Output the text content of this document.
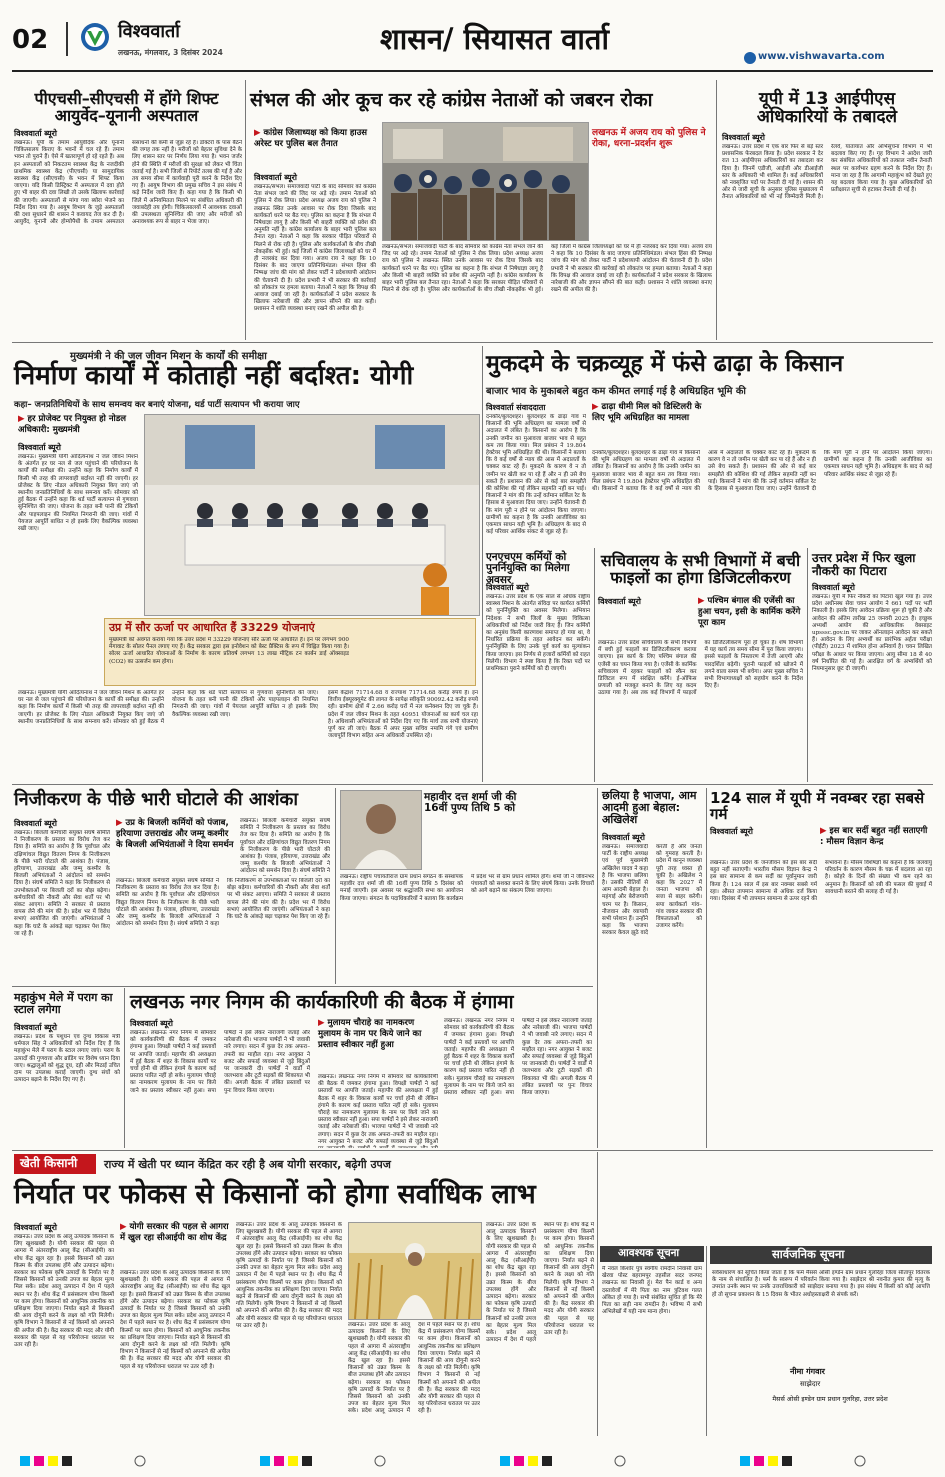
02	विश्ववार्ता
लखनऊ, मंगलवार, 3 दिसंबर 2024	शासन/ सियासत वार्ता
www.vishwavarta.com
पीएचसी–सीएचसी में होंगे शिफ्ट आयुर्वेद–यूनानी अस्पताल
विश्ववार्ता ब्यूरो
लखनऊ। यूपी के तमाम आयुर्वेदिक और यूनानी चिकित्सालय किराए के भवनों में चल रहे हैं। तमाम भवन तो पुराने हैं। ऐसे में खतरापूर्ण हो रहे रहते हैं। अब इन अस्पतालों को निकटतम स्वास्थ्य केंद्र के नजदीकी प्राथमिक स्वास्थ्य केंद्र (पीएचसी) या सामुदायिक स्वास्थ्य केंद्र (सीएचसी) के भवन में शिफ्ट किया जाएगा। यदि किसी डिस्ट्रिक्ट में अस्पताल में दवा होते हुए भी बाहर की दवा लिखी तो उसके खिलाफ कार्रवाई की जाएगी। अस्पतालों से मांगा गया ब्योरा भेजने का निर्देश दिया गया है। आयुष विभाग के जुड़े अस्पतालों की दशा सुधारने की शासन ने कवायद तेज कर दी है। आयुर्वेद, यूनानी और होम्योपैथी के तमाम अस्पताल संसाधनों की कमी से जूझ रहे हैं। डॉक्टरों के पास बैठने की जगह तक नहीं है। मरीजों को बेहतर सुविधा देने के लिए शासन स्तर पर निर्णय लिया गया है। भवन जर्जर होने की स्थिति में मरीजों की सुरक्षा को लेकर भी चिंता जताई गई है। सभी जिलों से रिपोर्ट तलब की गई है और तय समय सीमा में कार्यवाही पूरी करने के निर्देश दिए गए हैं। आयुष विभाग की प्रमुख सचिव ने इस संबंध में कड़े निर्देश जारी किए हैं। कहा गया है कि किसी भी जिले में अनियमितता मिलने पर संबंधित अधिकारी की जवाबदेही तय होगी। चिकित्सालयों में आवश्यक दवाओं की उपलब्धता सुनिश्चित की जाए और मरीजों को अनावश्यक रूप से बाहर न भेजा जाए।
संभल की ओर कूच कर रहे कांग्रेस नेताओं को जबरन रोका
▶ कांग्रेस जिलाध्यक्ष को किया हाउस अरेस्ट घर पुलिस बल तैनात
विश्ववार्ता ब्यूरो
लखनऊ में अजय राय को पुलिस ने रोका, धरना–प्रदर्शन शुरू
लखनऊ/संभल। समाजवादी पार्टी के बाद सोमवार को कांग्रेस नेता संभल जाने की जिद पर अड़े रहे। तमाम नेताओं को पुलिस ने रोक लिया। प्रदेश अध्यक्ष अजय राय को पुलिस ने लखनऊ स्थित उनके आवास पर रोक दिया जिसके बाद कार्यकर्ता धरने पर बैठ गए। पुलिस का कहना है कि संभल में निषेधाज्ञा लागू है और किसी भी बाहरी व्यक्ति को प्रवेश की अनुमति नहीं है। कांग्रेस कार्यालय के बाहर भारी पुलिस बल तैनात रहा। नेताओं ने कहा कि सरकार पीड़ित परिवारों से मिलने से रोक रही है। पुलिस और कार्यकर्ताओं के बीच तीखी नोकझोंक भी हुई। कई जिलों में कांग्रेस जिलाध्यक्षों को घर में ही नजरबंद कर दिया गया। अजय राय ने कहा कि 10 दिसंबर के बाद जाएगा प्रतिनिधिमंडल। संभल हिंसा की निष्पक्ष जांच की मांग को लेकर पार्टी ने प्रदेशव्यापी आंदोलन की चेतावनी दी है। प्रदेश प्रभारी ने भी सरकार की कार्रवाई को लोकतंत्र पर हमला बताया। नेताओं ने कहा कि विपक्ष की आवाज दबाई जा रही है। कार्यकर्ताओं ने प्रदेश सरकार के खिलाफ नारेबाजी की और ज्ञापन सौंपने की बात कही। प्रशासन ने शांति व्यवस्था बनाए रखने की अपील की है।
लखनऊ/संभल। समाजवादी पार्टी के बाद सोमवार को कांग्रेस नेता संभल जाने की जिद पर अड़े रहे। तमाम नेताओं को पुलिस ने रोक लिया। प्रदेश अध्यक्ष अजय राय को पुलिस ने लखनऊ स्थित उनके आवास पर रोक दिया जिसके बाद कार्यकर्ता धरने पर बैठ गए। पुलिस का कहना है कि संभल में निषेधाज्ञा लागू है और किसी भी बाहरी व्यक्ति को प्रवेश की अनुमति नहीं है। कांग्रेस कार्यालय के बाहर भारी पुलिस बल तैनात रहा। नेताओं ने कहा कि सरकार पीड़ित परिवारों से मिलने से रोक रही है। पुलिस और कार्यकर्ताओं के बीच तीखी नोकझोंक भी हुई। कई जिलों में कांग्रेस जिलाध्यक्षों को घर में ही नजरबंद कर दिया गया। अजय राय ने कहा कि 10 दिसंबर के बाद जाएगा प्रतिनिधिमंडल। संभल हिंसा की निष्पक्ष जांच की मांग को लेकर पार्टी ने प्रदेशव्यापी आंदोलन की चेतावनी दी है। प्रदेश प्रभारी ने भी सरकार की कार्रवाई को लोकतंत्र पर हमला बताया। नेताओं ने कहा कि विपक्ष की आवाज दबाई जा रही है। कार्यकर्ताओं ने प्रदेश सरकार के खिलाफ नारेबाजी की और ज्ञापन सौंपने की बात कही। प्रशासन ने शांति व्यवस्था बनाए रखने की अपील की है।
यूपी में 13 आईपीएस अधिकारियों के तबादले
विश्ववार्ता ब्यूरो
लखनऊ। उत्तर प्रदेश में एक बार फिर से बड़े स्तर प्रशासनिक फेरबदल किया है। प्रदेश सरकार ने देर रात 13 आईपीएस अधिकारियों का तबादला कर दिया है। जिनमें एडीजी, आईजी और डीआईजी स्तर के अधिकारी भी शामिल हैं। कई अधिकारियों को नवसृजित पदों पर तैनाती दी गई है। शासन की ओर से जारी सूची के अनुसार पुलिस मुख्यालय में तैनात अधिकारियों को भी नई जिम्मेदारी मिली है। रेलवे, यातायात और अभिसूचना विभाग में भी बदलाव किए गए हैं। गृह विभाग ने आदेश जारी कर संबंधित अधिकारियों को तत्काल नवीन तैनाती स्थल पर कार्यभार ग्रहण करने के निर्देश दिए हैं। माना जा रहा है कि आगामी महाकुंभ को देखते हुए यह बदलाव किया गया है। कुछ अधिकारियों को प्रतीक्षारत सूची से हटाकर तैनाती दी गई है।
मुख्यमंत्री ने की जल जीवन मिशन के कार्यों की समीक्षा
निर्माण कार्यों में कोताही नहीं बर्दाश्त: योगी
कहा– जनप्रतिनिधियों के साथ समन्वय कर बनाएं योजना, थर्ड पार्टी सत्यापन भी कराया जाए
▶ हर प्रोजेक्ट पर नियुक्त हो नोडल अधिकारी: मुख्यमंत्री
विश्ववार्ता ब्यूरो
लखनऊ। मुख्यमंत्री योगी आदित्यनाथ ने जल जीवन मिशन के अंतर्गत हर घर नल से जल पहुंचाने की परियोजना के कार्यों की समीक्षा की। उन्होंने कहा कि निर्माण कार्यों में किसी भी तरह की लापरवाही बर्दाश्त नहीं की जाएगी। हर प्रोजेक्ट के लिए नोडल अधिकारी नियुक्त किए जाएं जो स्थानीय जनप्रतिनिधियों के साथ समन्वय करें। सोमवार को हुई बैठक में उन्होंने कहा कि थर्ड पार्टी सत्यापन से गुणवत्ता सुनिश्चित की जाए। योजना के तहत बनी पानी की टंकियों और पाइपलाइन की नियमित निगरानी की जाए। गांवों में पेयजल आपूर्ति बाधित न हो इसके लिए वैकल्पिक व्यवस्था रखी जाए।
उप्र में सौर ऊर्जा पर आधारित हैं 33229 योजनाएं
मुख्यमंत्री को अवगत कराया गया कि उत्तर प्रदेश में 33229 योजनाएं सौर ऊर्जा पर आधारित हैं। इन पर लगभग 900 मेगावाट के सोलर पैनल लगाए गए हैं। केंद्र सरकार द्वारा इस इनोवेशन को बेस्ट प्रैक्टिस के रूप में चिह्नित किया गया है। सोलर ऊर्जा आधारित योजनाओं के निर्माण के कारण प्रतिवर्ष लगभग 13 लाख मीट्रिक टन कार्बन डाई ऑक्साइड (CO2) का उत्सर्जन कम होगा।
लखनऊ। मुख्यमंत्री योगी आदित्यनाथ ने जल जीवन मिशन के अंतर्गत हर घर नल से जल पहुंचाने की परियोजना के कार्यों की समीक्षा की। उन्होंने कहा कि निर्माण कार्यों में किसी भी तरह की लापरवाही बर्दाश्त नहीं की जाएगी। हर प्रोजेक्ट के लिए नोडल अधिकारी नियुक्त किए जाएं जो स्थानीय जनप्रतिनिधियों के साथ समन्वय करें। सोमवार को हुई बैठक में उन्होंने कहा कि थर्ड पार्टी सत्यापन से गुणवत्ता सुनिश्चित की जाए। योजना के तहत बनी पानी की टंकियों और पाइपलाइन की नियमित निगरानी की जाए। गांवों में पेयजल आपूर्ति बाधित न हो इसके लिए वैकल्पिक व्यवस्था रखी जाए।
इसमें केंद्रांश 71714.68 व राज्यांश 71714.68 करोड़ रुपये है। इन वित्तीय ईक्यूरक्यूमेट की लागत के सापेक्ष स्वीकृति 90092.42 करोड़ रुपये रही। ग्रामीण क्षेत्रों में 2.66 करोड़ घरों में नल कनेक्शन दिए जा चुके हैं। प्रदेश में जल जीवन मिशन के तहत 40951 योजनाओं का कार्य चल रहा है। अधिशासी अभियंताओं को निर्देश दिए गए कि मार्च तक सभी योजनाएं पूर्ण कर ली जाएं। बैठक में अपर मुख्य सचिव नमामि गंगे एवं ग्रामीण जलापूर्ति विभाग सहित अन्य अधिकारी उपस्थित रहे।
मुकदमे के चक्रव्यूह में फंसे ढाढ़ा के किसान
बाजार भाव के मुकाबले बहुत कम कीमत लगाई गई है अधिग्रहित भूमि की
विश्ववार्ता संवाददाता	▶ ढाढ़ा धीमी मिल को डिस्टिलरी के लिए भूमि अधिग्रहित का मामला
दनकौर/बुलंदशहर। बुलंदशहर के ढाढ़ा गांव में किसानों की भूमि अधिग्रहण का मामला वर्षों से अदालत में लंबित है। किसानों का आरोप है कि उनकी जमीन का मुआवजा बाजार भाव से बहुत कम तय किया गया। मिल प्रबंधन ने 19.804 हेक्टेयर भूमि अधिग्रहित की थी। किसानों ने बताया कि वे कई वर्षों से न्याय की आस में अदालतों के चक्कर काट रहे हैं। मुकदमे के कारण वे न तो जमीन पर खेती कर पा रहे हैं और न ही उसे बेच सकते हैं। प्रशासन की ओर से कई बार समझौते की कोशिश की गई लेकिन सहमति नहीं बन पाई। किसानों ने मांग की कि उन्हें वर्तमान सर्किल रेट के हिसाब से मुआवजा दिया जाए। उन्होंने चेतावनी दी कि मांग पूरी न होने पर आंदोलन किया जाएगा। ग्रामीणों का कहना है कि उनकी आजीविका का एकमात्र साधन यही भूमि है। अधिग्रहण के बाद से कई परिवार आर्थिक संकट से जूझ रहे हैं।
दनकौर/बुलंदशहर। बुलंदशहर के ढाढ़ा गांव में किसानों की भूमि अधिग्रहण का मामला वर्षों से अदालत में लंबित है। किसानों का आरोप है कि उनकी जमीन का मुआवजा बाजार भाव से बहुत कम तय किया गया। मिल प्रबंधन ने 19.804 हेक्टेयर भूमि अधिग्रहित की थी। किसानों ने बताया कि वे कई वर्षों से न्याय की आस में अदालतों के चक्कर काट रहे हैं। मुकदमे के कारण वे न तो जमीन पर खेती कर पा रहे हैं और न ही उसे बेच सकते हैं। प्रशासन की ओर से कई बार समझौते की कोशिश की गई लेकिन सहमति नहीं बन पाई। किसानों ने मांग की कि उन्हें वर्तमान सर्किल रेट के हिसाब से मुआवजा दिया जाए। उन्होंने चेतावनी दी कि मांग पूरी न होने पर आंदोलन किया जाएगा। ग्रामीणों का कहना है कि उनकी आजीविका का एकमात्र साधन यही भूमि है। अधिग्रहण के बाद से कई परिवार आर्थिक संकट से जूझ रहे हैं।
एनएचएम कर्मियों को पुनर्नियुक्ति का मिलेगा अवसर
विश्ववार्ता ब्यूरो
लखनऊ। उत्तर प्रदेश के एक साल से अधिक राष्ट्रीय स्वास्थ्य मिशन के अंतर्गत संविदा पर कार्यरत कर्मियों को पुनर्नियुक्ति का अवसर मिलेगा। अभियान निदेशक ने सभी जिलों के मुख्य चिकित्सा अधिकारियों को निर्देश जारी किए हैं। जिन कर्मियों का अनुबंध किसी कारणवश समाप्त हो गया था, वे निर्धारित प्रक्रिया के तहत आवेदन कर सकेंगे। पुनर्नियुक्ति के लिए उनके पूर्व कार्य का मूल्यांकन किया जाएगा। इस निर्णय से हजारों कर्मियों को राहत मिलेगी। विभाग ने स्पष्ट किया है कि रिक्त पदों पर प्राथमिकता पुराने कर्मियों को दी जाएगी।
सचिवालय के सभी विभागों में बची फाइलों का होगा डिजिटलीकरण
विश्ववार्ता ब्यूरो	▶ पश्चिम बंगाल की एजेंसी का हुआ चयन, इसी के कार्मिक करेंगे पूरा काम
लखनऊ। उत्तर प्रदेश सचिवालय के सभी विभागों में बची हुई फाइलों का डिजिटलीकरण कराया जाएगा। इस कार्य के लिए पश्चिम बंगाल की एजेंसी का चयन किया गया है। एजेंसी के कार्मिक सचिवालय में रहकर फाइलों को स्कैन कर डिजिटल रूप में संरक्षित करेंगे। ई-ऑफिस प्रणाली को मजबूत बनाने के लिए यह कदम उठाया गया है। अब तक कई विभागों में फाइलों का डिजिटलीकरण पूरा हो चुका है। शेष विभागों में यह कार्य तय समय सीमा में पूरा किया जाएगा। इससे फाइलों के निस्तारण में तेजी आएगी और पारदर्शिता बढ़ेगी। पुरानी फाइलों को खोजने में लगने वाला समय भी बचेगा। अपर मुख्य सचिव ने सभी विभागाध्यक्षों को सहयोग करने के निर्देश दिए हैं।
उत्तर प्रदेश में फिर खुला नौकरी का पिटारा
विश्ववार्ता ब्यूरो
लखनऊ। यूपी में फिर नौकरी का पिटारा खुल गया है। उत्तर प्रदेश अधीनस्थ सेवा चयन आयोग ने 661 पदों पर भर्ती निकाली है। इसके लिए आवेदन प्रक्रिया शुरू हो चुकी है और आवेदन की अंतिम तारीख 25 जनवरी 2025 है। इच्छुक अभ्यर्थी आयोग की आधिकारिक वेबसाइट upsssc.gov.in पर जाकर ऑनलाइन आवेदन कर सकते हैं। आवेदन के लिए अभ्यर्थी का प्रारंभिक अर्हता परीक्षा (पीईटी) 2023 में शामिल होना अनिवार्य है। चयन लिखित परीक्षा के आधार पर किया जाएगा। आयु सीमा 18 से 40 वर्ष निर्धारित की गई है। आरक्षित वर्ग के अभ्यर्थियों को नियमानुसार छूट दी जाएगी।
निजीकरण के पीछे भारी घोटाले की आशंका
विश्ववार्ता ब्यूरो
लखनऊ। बिजली कर्मचारी संयुक्त संघर्ष समिति ने निजीकरण के प्रस्ताव का विरोध तेज कर दिया है। समिति का आरोप है कि पूर्वांचल और दक्षिणांचल विद्युत वितरण निगम के निजीकरण के पीछे भारी घोटाले की आशंका है। पंजाब, हरियाणा, उत्तराखंड और जम्मू कश्मीर के बिजली अभियंताओं ने आंदोलन को समर्थन दिया है। संघर्ष समिति ने कहा कि निजीकरण से उपभोक्ताओं पर बिजली दरों का बोझ बढ़ेगा। कर्मचारियों की नौकरी और सेवा शर्तों पर भी संकट आएगा। समिति ने सरकार से प्रस्ताव वापस लेने की मांग की है। प्रदेश भर में विरोध सभाएं आयोजित की जाएंगी। अभियंताओं ने कहा कि घाटे के आंकड़े बढ़ा चढ़ाकर पेश किए जा रहे हैं।
▶ उप्र के बिजली कर्मियों को पंजाब, हरियाणा उत्तराखंड और जम्मू कश्मीर के बिजली अभियंताओं ने दिया समर्थन
लखनऊ। बिजली कर्मचारी संयुक्त संघर्ष समिति ने निजीकरण के प्रस्ताव का विरोध तेज कर दिया है। समिति का आरोप है कि पूर्वांचल और दक्षिणांचल विद्युत वितरण निगम के निजीकरण के पीछे भारी घोटाले की आशंका है। पंजाब, हरियाणा, उत्तराखंड और जम्मू कश्मीर के बिजली अभियंताओं ने आंदोलन को समर्थन दिया है। संघर्ष समिति ने कहा कि निजीकरण से उपभोक्ताओं पर बिजली दरों का बोझ बढ़ेगा। कर्मचारियों की नौकरी और सेवा शर्तों पर भी संकट आएगा। समिति ने सरकार से प्रस्ताव वापस लेने की मांग की है। प्रदेश भर में विरोध सभाएं आयोजित की जाएंगी। अभियंताओं ने कहा कि घाटे के आंकड़े बढ़ा चढ़ाकर पेश किए जा रहे हैं।
लखनऊ। बिजली कर्मचारी संयुक्त संघर्ष समिति ने निजीकरण के प्रस्ताव का विरोध तेज कर दिया है। समिति का आरोप है कि पूर्वांचल और दक्षिणांचल विद्युत वितरण निगम के निजीकरण के पीछे भारी घोटाले की आशंका है। पंजाब, हरियाणा, उत्तराखंड और जम्मू कश्मीर के बिजली अभियंताओं ने आंदोलन को समर्थन दिया है। संघर्ष समिति ने
महावीर दत्त शर्मा जी की 16वीं पुण्य तिथि 5 को
लखनऊ। राष्ट्रीय पंचायतीराज ग्राम प्रधान संगठन के संस्थापक महावीर दत्त शर्मा जी की 16वीं पुण्य तिथि 5 दिसंबर को मनाई जाएगी। इस अवसर पर श्रद्धांजलि सभा का आयोजन किया जाएगा। संगठन के पदाधिकारियों ने बताया कि कार्यक्रम में प्रदेश भर से ग्राम प्रधान शामिल होंगे। शर्मा जी ने जीवनभर पंचायतों को सशक्त बनाने के लिए संघर्ष किया। उनके विचारों को आगे बढ़ाने का संकल्प लिया जाएगा।
महाकुंभ मेले में पराग का स्टाल लगेगा
विश्ववार्ता ब्यूरो
लखनऊ। प्रदेश के पशुधन एवं दुग्ध विकास मंत्री धर्मपाल सिंह ने अधिकारियों को निर्देश दिए हैं कि महाकुंभ मेले में पराग के स्टाल लगाए जाएं। पराग के उत्पादों की गुणवत्ता और ब्रांडिंग पर विशेष ध्यान दिया जाए। श्रद्धालुओं को शुद्ध दूध, दही और मिठाई उचित दाम पर उपलब्ध कराई जाएगी। दुग्ध संघों को उत्पादन बढ़ाने के निर्देश दिए गए हैं।
लखनऊ नगर निगम की कार्यकारिणी की बैठक में हंगामा
विश्ववार्ता ब्यूरो
लखनऊ। लखनऊ नगर निगम में सोमवार को कार्यकारिणी की बैठक में जमकर हंगामा हुआ। विपक्षी पार्षदों ने कई प्रस्तावों पर आपत्ति जताई। महापौर की अध्यक्षता में हुई बैठक में शहर के विकास कार्यों पर चर्चा होनी थी लेकिन हंगामे के कारण कई प्रस्ताव पारित नहीं हो सके। मुलायम चौराहे का नामकरण मुलायम के नाम पर किये जाने का प्रस्ताव स्वीकार नहीं हुआ। सपा पार्षदों ने इसे लेकर नाराजगी जताई और नारेबाजी की। भाजपा पार्षदों ने भी जवाबी नारे लगाए। सदन में कुछ देर तक अफरा–तफरी का माहौल रहा। नगर आयुक्त ने बजट और सफाई व्यवस्था से जुड़े बिंदुओं पर जानकारी दी। पार्षदों ने वार्डों में जलभराव और टूटी सड़कों की शिकायत भी की। अगली बैठक में लंबित प्रस्तावों पर पुनः विचार किया जाएगा।
▶ मुलायम चौराहे का नामकरण मुलायम के नाम पर किये जाने का प्रस्ताव स्वीकार नहीं हुआ
लखनऊ। लखनऊ नगर निगम में सोमवार को कार्यकारिणी की बैठक में जमकर हंगामा हुआ। विपक्षी पार्षदों ने कई प्रस्तावों पर आपत्ति जताई। महापौर की अध्यक्षता में हुई बैठक में शहर के विकास कार्यों पर चर्चा होनी थी लेकिन हंगामे के कारण कई प्रस्ताव पारित नहीं हो सके। मुलायम चौराहे का नामकरण मुलायम के नाम पर किये जाने का प्रस्ताव स्वीकार नहीं हुआ। सपा पार्षदों ने इसे लेकर नाराजगी जताई और नारेबाजी की। भाजपा पार्षदों ने भी जवाबी नारे लगाए। सदन में कुछ देर तक अफरा–तफरी का माहौल रहा। नगर आयुक्त ने बजट और सफाई व्यवस्था से जुड़े बिंदुओं
लखनऊ। लखनऊ नगर निगम में सोमवार को कार्यकारिणी की बैठक में जमकर हंगामा हुआ। विपक्षी पार्षदों ने कई प्रस्तावों पर आपत्ति जताई। महापौर की अध्यक्षता में हुई बैठक में शहर के विकास कार्यों पर चर्चा होनी थी लेकिन हंगामे के कारण कई प्रस्ताव पारित नहीं हो सके। मुलायम चौराहे का नामकरण मुलायम के नाम पर किये जाने का प्रस्ताव स्वीकार नहीं हुआ। सपा पार्षदों ने इसे लेकर नाराजगी जताई और नारेबाजी की। भाजपा पार्षदों ने भी जवाबी नारे लगाए। सदन में कुछ देर तक अफरा–तफरी का माहौल रहा। नगर आयुक्त ने बजट और सफाई व्यवस्था से जुड़े बिंदुओं पर जानकारी दी। पार्षदों ने वार्डों में जलभराव और टूटी सड़कों की शिकायत भी की। अगली बैठक में लंबित प्रस्तावों पर पुनः विचार किया जाएगा।
छलिया है भाजपा, आम आदमी हुआ बेहाल: अखिलेश
विश्ववार्ता ब्यूरो
लखनऊ। समाजवादी पार्टी के राष्ट्रीय अध्यक्ष एवं पूर्व मुख्यमंत्री अखिलेश यादव ने कहा है कि भाजपा छलिया है। उसकी नीतियों से आम आदमी बेहाल है। महंगाई और बेरोजगारी चरम पर है। किसान, नौजवान और व्यापारी सभी परेशान हैं। उन्होंने कहा कि भाजपा सरकार केवल झूठे वादे करती है और जनता को गुमराह करती है। प्रदेश में कानून व्यवस्था पूरी तरह ध्वस्त हो चुकी है। अखिलेश ने कहा कि 2027 में जनता भाजपा को सत्ता से बाहर करेगी। सपा कार्यकर्ता गांव–गांव जाकर सरकार की विफलताओं को उजागर करेंगे।
124 साल में यूपी में नवम्बर रहा सबसे गर्म
विश्ववार्ता ब्यूरो	▶ इस बार सर्दी बहुत नहीं सताएगी : मौसम विज्ञान केन्द्र
लखनऊ। उत्तर प्रदेश के जनजीवन को इस बार सर्दी बहुत नहीं सताएगी। भारतीय मौसम विज्ञान केन्द्र ने इस बार सामान्य से कम सर्दी का पूर्वानुमान जारी किया है। 124 साल में इस बार नवम्बर सबसे गर्म रहा। औसत तापमान सामान्य से अधिक दर्ज किया गया। दिसंबर में भी तापमान सामान्य से ऊपर रहने की संभावना है। मौसम विशेषज्ञों का कहना है कि जलवायु परिवर्तन के कारण मौसम के चक्र में बदलाव आ रहा है। कोहरे के दिनों की संख्या भी कम रहने का अनुमान है। किसानों को रबी की फसल की बुवाई में सावधानी बरतने की सलाह दी गई है।
खेती किसानी राज्य में खेती पर ध्यान केंद्रित कर रही है अब योगी सरकार, बढ़ेगी उपज
निर्यात पर फोकस से किसानों को होगा सर्वाधिक लाभ
विश्ववार्ता ब्यूरो
लखनऊ। उत्तर प्रदेश के आलू उत्पादक किसानों के लिए खुशखबरी है। योगी सरकार की पहल से आगरा में अंतरराष्ट्रीय आलू केंद्र (सीआईपी) का शोध केंद्र खुल रहा है। इससे किसानों को उन्नत किस्म के बीज उपलब्ध होंगे और उत्पादन बढ़ेगा। सरकार का फोकस कृषि उत्पादों के निर्यात पर है जिससे किसानों को उनकी उपज का बेहतर मूल्य मिल सके। प्रदेश आलू उत्पादन में देश में पहले स्थान पर है। शोध केंद्र में प्रसंस्करण योग्य किस्मों पर काम होगा। किसानों को आधुनिक तकनीक का प्रशिक्षण दिया जाएगा। निर्यात बढ़ने से किसानों की आय दोगुनी करने के लक्ष्य को गति मिलेगी। कृषि विभाग ने किसानों से नई किस्मों को अपनाने की अपील की है। केंद्र सरकार की मदद और योगी सरकार की पहल से यह परियोजना धरातल पर उतर रही है।
▶ योगी सरकार की पहल से आगरा में खुल रहा सीआईपी का शोध केंद्र
लखनऊ। उत्तर प्रदेश के आलू उत्पादक किसानों के लिए खुशखबरी है। योगी सरकार की पहल से आगरा में अंतरराष्ट्रीय आलू केंद्र (सीआईपी) का शोध केंद्र खुल रहा है। इससे किसानों को उन्नत किस्म के बीज उपलब्ध होंगे और उत्पादन बढ़ेगा। सरकार का फोकस कृषि उत्पादों के निर्यात पर है जिससे किसानों को उनकी उपज का बेहतर मूल्य मिल सके। प्रदेश आलू उत्पादन में देश में पहले स्थान पर है। शोध केंद्र में प्रसंस्करण योग्य किस्मों पर काम होगा। किसानों को आधुनिक तकनीक का प्रशिक्षण दिया जाएगा। निर्यात बढ़ने से किसानों की आय दोगुनी करने के लक्ष्य को गति मिलेगी। कृषि विभाग ने किसानों से नई किस्मों को अपनाने की अपील की है। केंद्र सरकार की मदद और योगी सरकार की पहल से यह परियोजना धरातल पर उतर रही है।
लखनऊ। उत्तर प्रदेश के आलू उत्पादक किसानों के लिए खुशखबरी है। योगी सरकार की पहल से आगरा में अंतरराष्ट्रीय आलू केंद्र (सीआईपी) का शोध केंद्र खुल रहा है। इससे किसानों को उन्नत किस्म के बीज उपलब्ध होंगे और उत्पादन बढ़ेगा। सरकार का फोकस कृषि उत्पादों के निर्यात पर है जिससे किसानों को उनकी उपज का बेहतर मूल्य मिल सके। प्रदेश आलू उत्पादन में देश में पहले स्थान पर है। शोध केंद्र में प्रसंस्करण योग्य किस्मों पर काम होगा। किसानों को आधुनिक तकनीक का प्रशिक्षण दिया जाएगा। निर्यात बढ़ने से किसानों की आय दोगुनी करने के लक्ष्य को गति मिलेगी। कृषि विभाग ने किसानों से नई किस्मों को अपनाने की अपील की है। केंद्र सरकार की मदद और योगी सरकार की पहल से यह परियोजना धरातल पर उतर रही है।
लखनऊ। उत्तर प्रदेश के आलू उत्पादक किसानों के लिए खुशखबरी है। योगी सरकार की पहल से आगरा में अंतरराष्ट्रीय आलू केंद्र (सीआईपी) का शोध केंद्र खुल रहा है। इससे किसानों को उन्नत किस्म के बीज उपलब्ध होंगे और उत्पादन बढ़ेगा। सरकार का फोकस कृषि उत्पादों के निर्यात पर है जिससे किसानों को उनकी उपज का बेहतर मूल्य मिल सके। प्रदेश आलू उत्पादन में देश में पहले स्थान पर है। शोध केंद्र में प्रसंस्करण योग्य किस्मों पर काम होगा। किसानों को आधुनिक तकनीक का प्रशिक्षण दिया जाएगा। निर्यात बढ़ने से किसानों की आय दोगुनी करने के लक्ष्य को गति मिलेगी। कृषि विभाग ने किसानों से नई किस्मों को अपनाने की अपील की है। केंद्र सरकार की मदद और योगी सरकार की पहल से यह परियोजना धरातल पर उतर रही है।
लखनऊ। उत्तर प्रदेश के आलू उत्पादक किसानों के लिए खुशखबरी है। योगी सरकार की पहल से आगरा में अंतरराष्ट्रीय आलू केंद्र (सीआईपी) का शोध केंद्र खुल रहा है। इससे किसानों को उन्नत किस्म के बीज उपलब्ध होंगे और उत्पादन बढ़ेगा। सरकार का फोकस कृषि उत्पादों के निर्यात पर है जिससे किसानों को उनकी उपज का बेहतर मूल्य मिल सके। प्रदेश आलू उत्पादन में देश में पहले स्थान पर है। शोध केंद्र में प्रसंस्करण योग्य किस्मों पर काम होगा। किसानों को आधुनिक तकनीक का प्रशिक्षण दिया जाएगा। निर्यात बढ़ने से किसानों की आय दोगुनी करने के लक्ष्य को गति मिलेगी। कृषि विभाग ने किसानों से नई किस्मों को अपनाने की अपील की है। केंद्र सरकार की मदद और योगी सरकार की पहल से यह परियोजना धरातल पर उतर रही है।
आवश्यक सूचना
मैं नवल किशोर पुत्र स्वर्गीय रामदीन निवासी ग्राम खेरवा पोस्ट बहरामपुर तहसील सदर जनपद लखनऊ का निवासी हूं। मेरा पैन कार्ड व अन्य दस्तावेजों में मेरे पिता का नाम त्रुटिवश गलत अंकित हो गया है। सभी संबंधित सूचित हों कि मेरे पिता का सही नाम रामदीन है। भविष्य में सभी अभिलेखों में यही नाम मान्य होगा।
सार्वजनिक सूचना
सर्वसाधारण को सूचित किया जाता है कि फर्म मैसर्स ओसी इण्डेन ग्राम प्रधान गुलरिहा जिला सीतापुर वितरक के नाम से संचालित है। फर्म के स्वरूप में परिवर्तन किया गया है। साझेदार श्री नवनीत कुमार की मृत्यु के उपरांत उनके स्थान पर उनके उत्तराधिकारी को साझेदार बनाया गया है। इस संबंध में किसी को कोई आपत्ति हो तो सूचना प्रकाशन के 15 दिवस के भीतर अधोहस्ताक्षरी से संपर्क करें।
नीमा गंगवार
साझेदार
मैसर्स ओसी इण्डेन ग्राम प्रधान गुलरिहा, उत्तर प्रदेश
